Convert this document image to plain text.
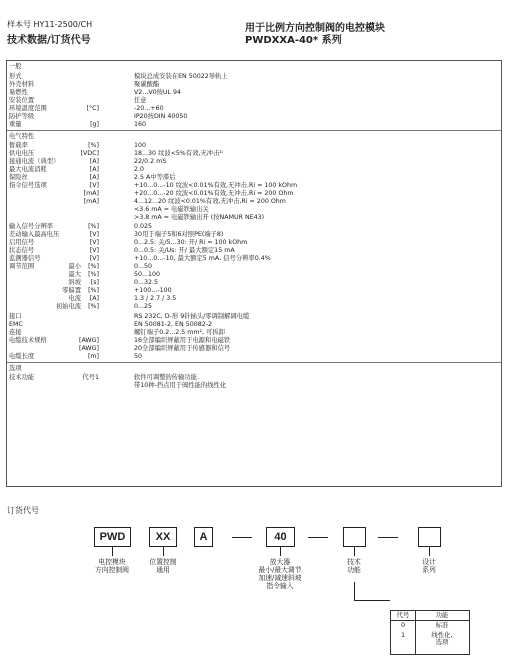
样本号 HY11-2500/CH
技术数据/订货代号
用于比例方向控制阀的电控模块
PWDXXA-40* 系列
一般
形式	模块总成安装在EN 50022导轨上
外壳材料	聚碳酸酯
易燃性	V2...V0按UL 94
安装位置	任意
环境温度范围	[°C]	-20...+60
防护等级	IP20按DIN 40050
重量	[g]	160
电气特性
暂载率	[%]	100
供电电压	[VDC]	18...30 纹波<5%有效,无冲击¹⁾
接通电流（典型）	[A]	22/0.2 mS
最大电流消耗	[A]	2.0
保险丝	[A]	2.5 A中等滞后
指令信号选项	[V]	+10...0...-10 纹波<0.01%有效,无冲击,Ri = 100 kOhm
[mA]	+20...0...-20 纹波<0.01%有效,无冲击,Ri = 200 Ohm
[mA]	4...12...20 纹波<0.01%有效,无冲击,Ri = 200 Ohm
<3.6 mA = 电磁铁输出关
>3.8 mA = 电磁铁输出开 (按NAMUR NE43)
输入信号分辨率	[%]	0.025
差动输入最高电压	[V]	30用于端子5和6对照PE(端子8)
启用信号	[V]	0...2.5: 关/5...30: 开/ Ri = 100 kOhm
状态信号	[V]	0...0.5: 关/Us: 开/ 最大额定15 mA
监测器信号	[V]	+10...0...-10, 最大额定5 mA, 信号分辨率0.4%
调节范围	最小 [%]	0...50
最大 [%]	50...100
斜坡 [s]	0...32.5
零偏置 [%]	+100...-100
电流 [A]	1.3 / 2.7 / 3.5
初始电流 [%]	0...25
接口	RS 232C, D-形 9针插头/零调制解调电缆
EMC	EN 50081-2, EN 50082-2
连接	螺钉端子0.2...2.5 mm², 可拆卸
电缆技术规格	[AWG]	16全部编织屏蔽用于电源和电磁铁
[AWG]	20全部编织屏蔽用于传感器和信号
电缆长度	[m]	50
选项
技术功能	代号1	软件可调整的传输功能.
带10种-挡点用于阀性能的线性化
订货代号
PWD	XX	A	40
电控模块
方向控制阀
位置控制
通用
放大器
最小/最大调节
加速/减速斜坡
指令输入
技术
功能
设计
系列
代号	功能
0	标准
1	线性化,
选项
